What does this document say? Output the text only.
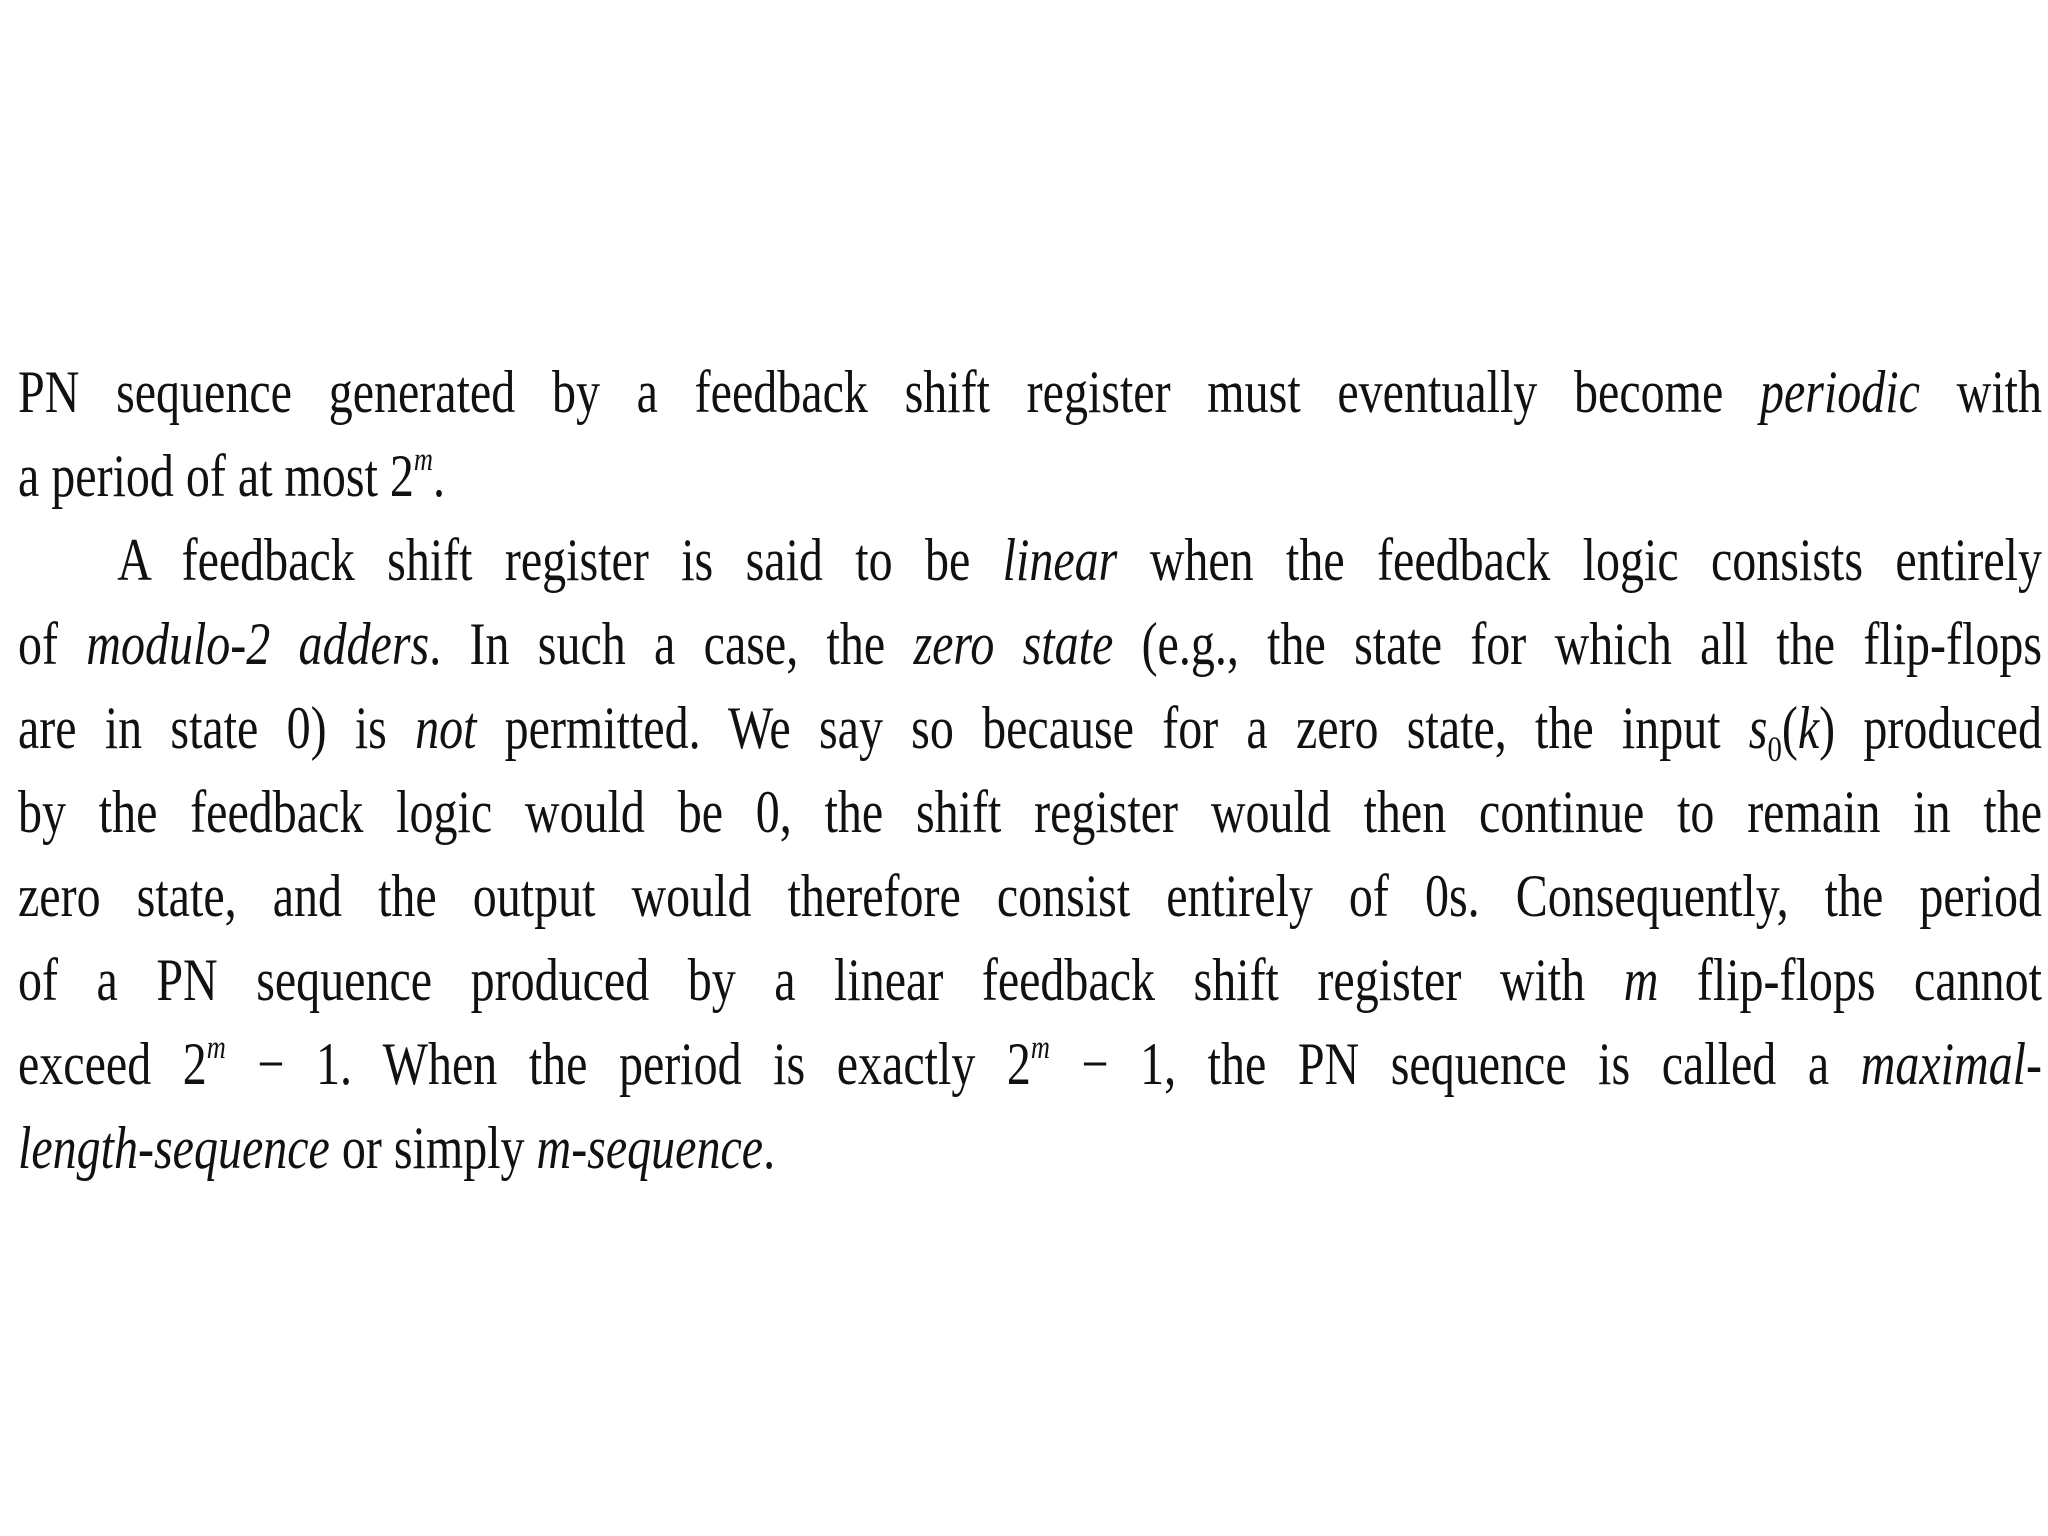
PN sequence generated by a feedback shift register must eventually become periodic with
a period of at most 2$^m$.
A feedback shift register is said to be linear when the feedback logic consists entirely
of modulo-2 adders. In such a case, the zero state (e.g., the state for which all the flip-flops
are in state 0) is not permitted. We say so because for a zero state, the input $s_0(k)$ produced
by the feedback logic would be 0, the shift register would then continue to remain in the
zero state, and the output would therefore consist entirely of 0s. Consequently, the period
of a PN sequence produced by a linear feedback shift register with m flip-flops cannot
exceed $2^m - 1$. When the period is exactly $2^m - 1$, the PN sequence is called a maximal-
length-sequence or simply m-sequence.
